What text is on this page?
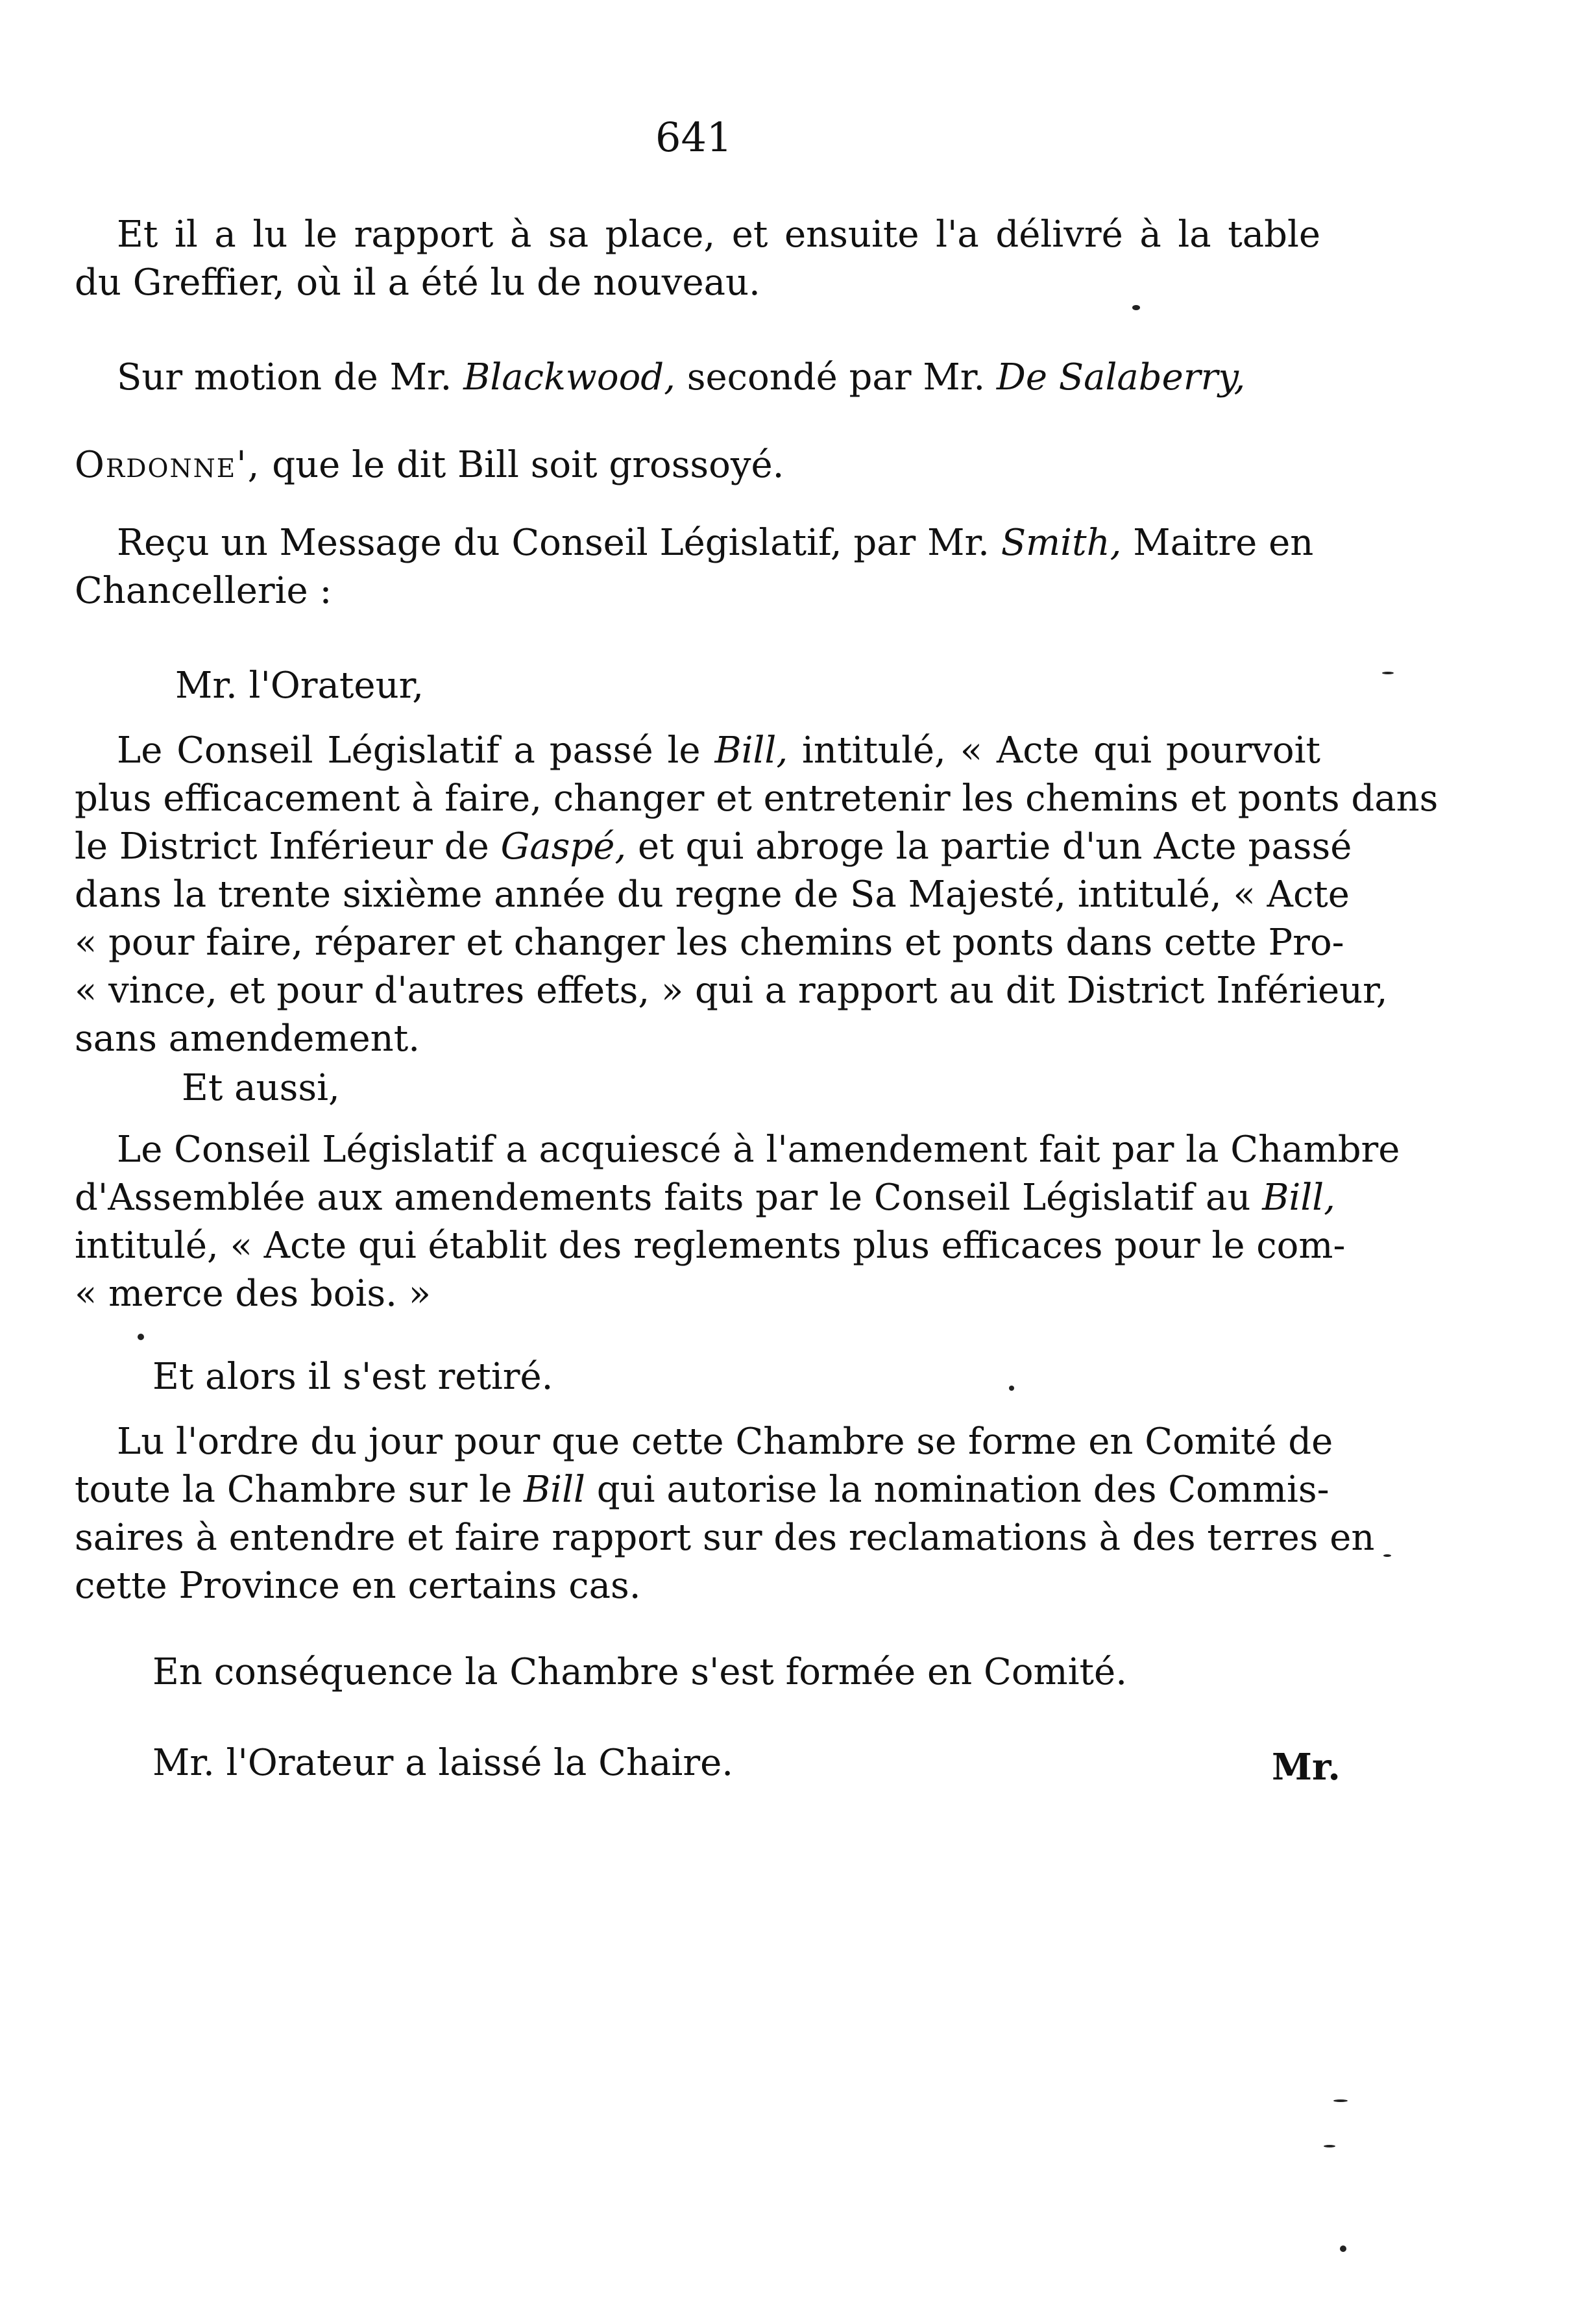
641
Et il a lu le rapport à sa place, et ensuite l'a délivré à la table
du Greffier, où il a été lu de nouveau.
Sur motion de Mr. Blackwood, secondé par Mr. De Salaberry,
Ordonne', que le dit Bill soit grossoyé.
Reçu un Message du Conseil Législatif, par Mr. Smith, Maitre en
Chancellerie :
Mr. l'Orateur,
Le Conseil Législatif a passé le Bill, intitulé, « Acte qui pourvoit
plus efficacement à faire, changer et entretenir les chemins et ponts dans
le District Inférieur de Gaspé, et qui abroge la partie d'un Acte passé
dans la trente sixième année du regne de Sa Majesté, intitulé, « Acte
« pour faire, réparer et changer les chemins et ponts dans cette Pro-
« vince, et pour d'autres effets, » qui a rapport au dit District Inférieur,
sans amendement.
Et aussi,
Le Conseil Législatif a acquiescé à l'amendement fait par la Chambre
d'Assemblée aux amendements faits par le Conseil Législatif au Bill,
intitulé, « Acte qui établit des reglements plus efficaces pour le com-
« merce des bois. »
Et alors il s'est retiré.
Lu l'ordre du jour pour que cette Chambre se forme en Comité de
toute la Chambre sur le Bill qui autorise la nomination des Commis-
saires à entendre et faire rapport sur des reclamations à des terres en
cette Province en certains cas.
En conséquence la Chambre s'est formée en Comité.
Mr. l'Orateur a laissé la Chaire.	Mr.
